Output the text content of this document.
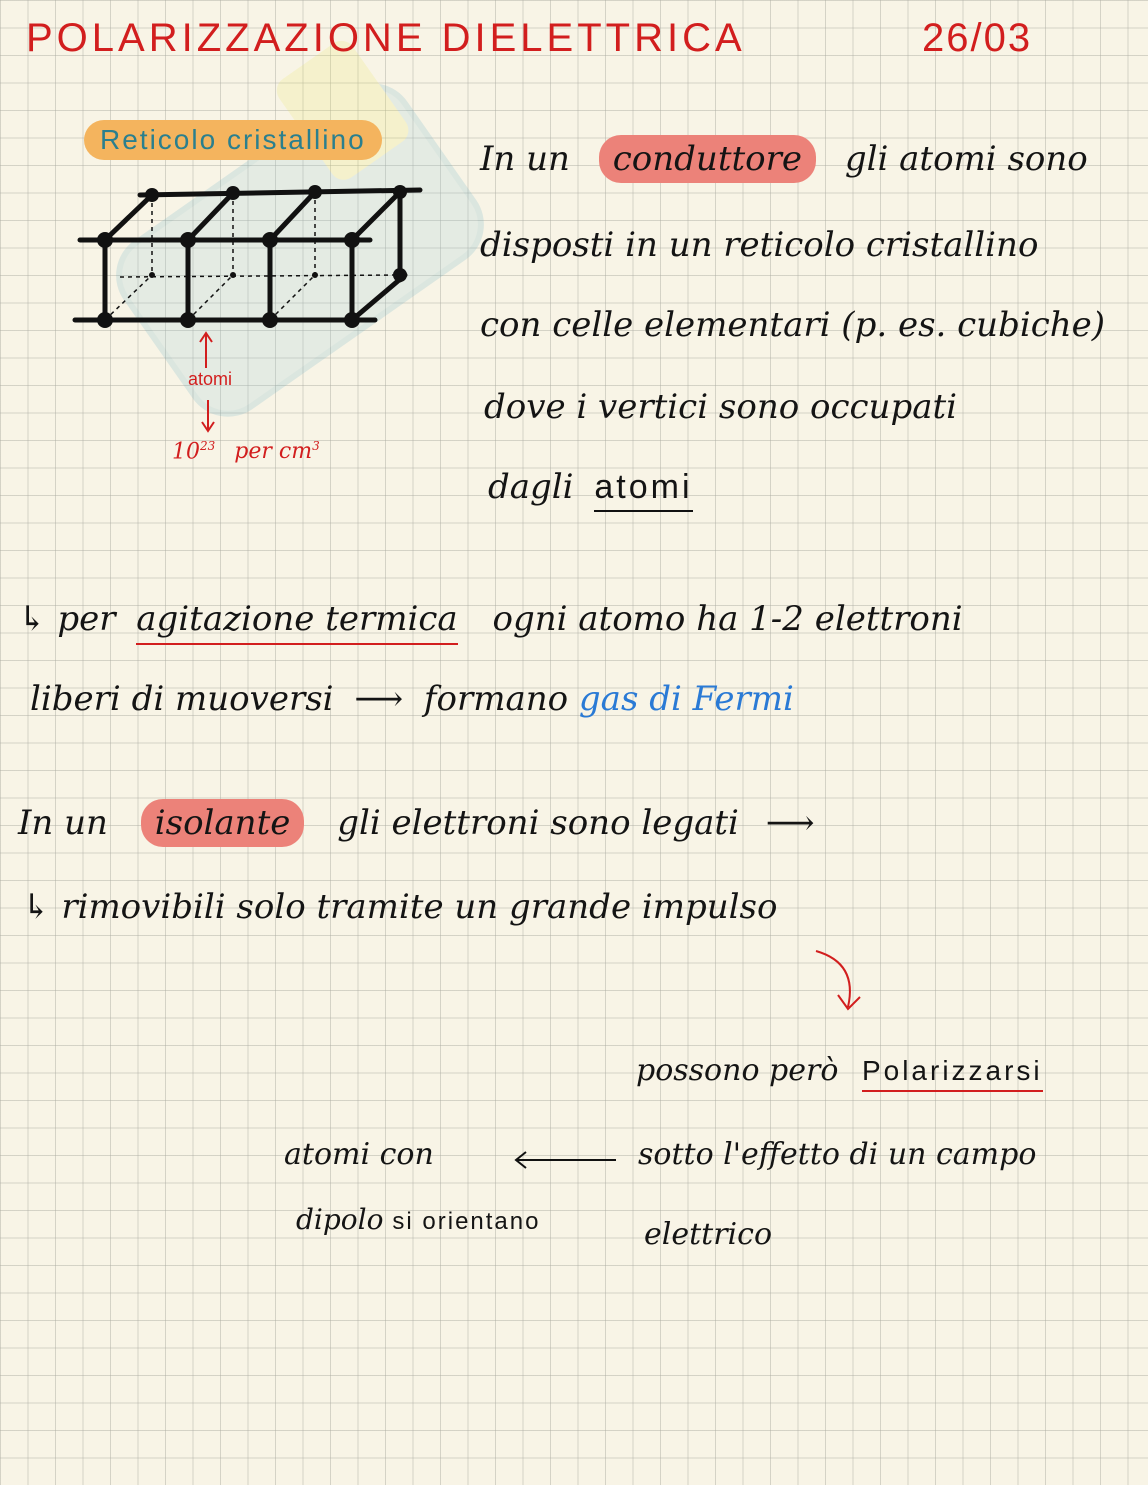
POLARIZZAZIONE DIELETTRICA	26/03
Reticolo cristallino
atomi
$10^{23}$ per $cm^3$
In un conduttore gli atomi sono
disposti in un reticolo cristallino
con celle elementari (p. es. cubiche)
dove i vertici sono occupati
dagli atomi
↳ per agitazione termica ogni atomo ha 1-2 elettroni
liberi di muoversi ⟶ formano gas di Fermi
In un isolante gli elettroni sono legati ⟶
↳ rimovibili solo tramite un grande impulso
possono però Polarizzarsi
sotto l'effetto di un campo
elettrico
atomi con
dipolo si orientano
